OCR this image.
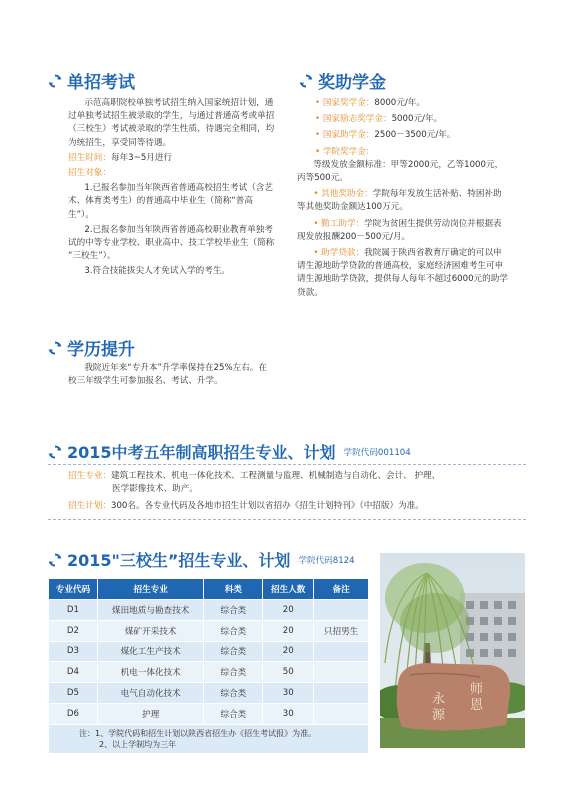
单招考试
示范高职院校单独考试招生纳入国家统招计划，通
过单独考试招生被录取的学生，与通过普通高考或单招
（三校生）考试被录取的学生性质、待遇完全相同，均
为统招生，享受同等待遇。
招生时间：每年3~5月进行
招生对象：
1.已报名参加当年陕西省普通高校招生考试（含艺
术、体育类考生）的普通高中毕业生（简称“普高
生”）。
2.已报名参加当年陕西省普通高校职业教育单独考
试的中等专业学校、职业高中、技工学校毕业生（简称
“三校生”）。
3.符合技能拔尖人才免试入学的考生。
学历提升
我院近年来“专升本”升学率保持在25%左右。在
校三年级学生可参加报名、考试、升学。
奖助学金
• 国家奖学金：8000元/年。
• 国家励志奖学金：5000元/年。
• 国家助学金：2500－3500元/年。
• 学院奖学金：
等级发放金额标准：甲等2000元，乙等1000元，
丙等500元。
• 其他奖助金：学院每年发放生活补贴、特困补助
等其他奖助金额达100万元。
• 勤工助学：学院为贫困生提供劳动岗位并根据表
现发放报酬200－500元/月。
• 助学贷款：我院属于陕西省教育厅确定的可以申
请生源地助学贷款的普通高校，家庭经济困难考生可申
请生源地助学贷款，提供每人每年不超过6000元的助学
贷款。
2015中考五年制高职招生专业、计划 学院代码001104
招生专业：建筑工程技术、机电一体化技术、工程测量与监理、机械制造与自动化、会计、 护理、
医学影像技术、助产。
招生计划：300名。各专业代码及各地市招生计划以省招办《招生计划特刊》（中招版）为准。
2015"三校生”招生专业、计划 学院代码8124
专业代码	招生专业	科类	招生人数	备注
D1	煤田地质与勘查技术	综合类	20	
D2	煤矿开采技术	综合类	20	只招男生
D3	煤化工生产技术	综合类	20	
D4	机电一体化技术	综合类	50	
D5	电气自动化技术	综合类	30	
D6	护理	综合类	30	

注：1、学院代码和招生计划以陕西省招生办《招生考试报》为准。
2、以上学制均为三年				
永
源
师
恩
